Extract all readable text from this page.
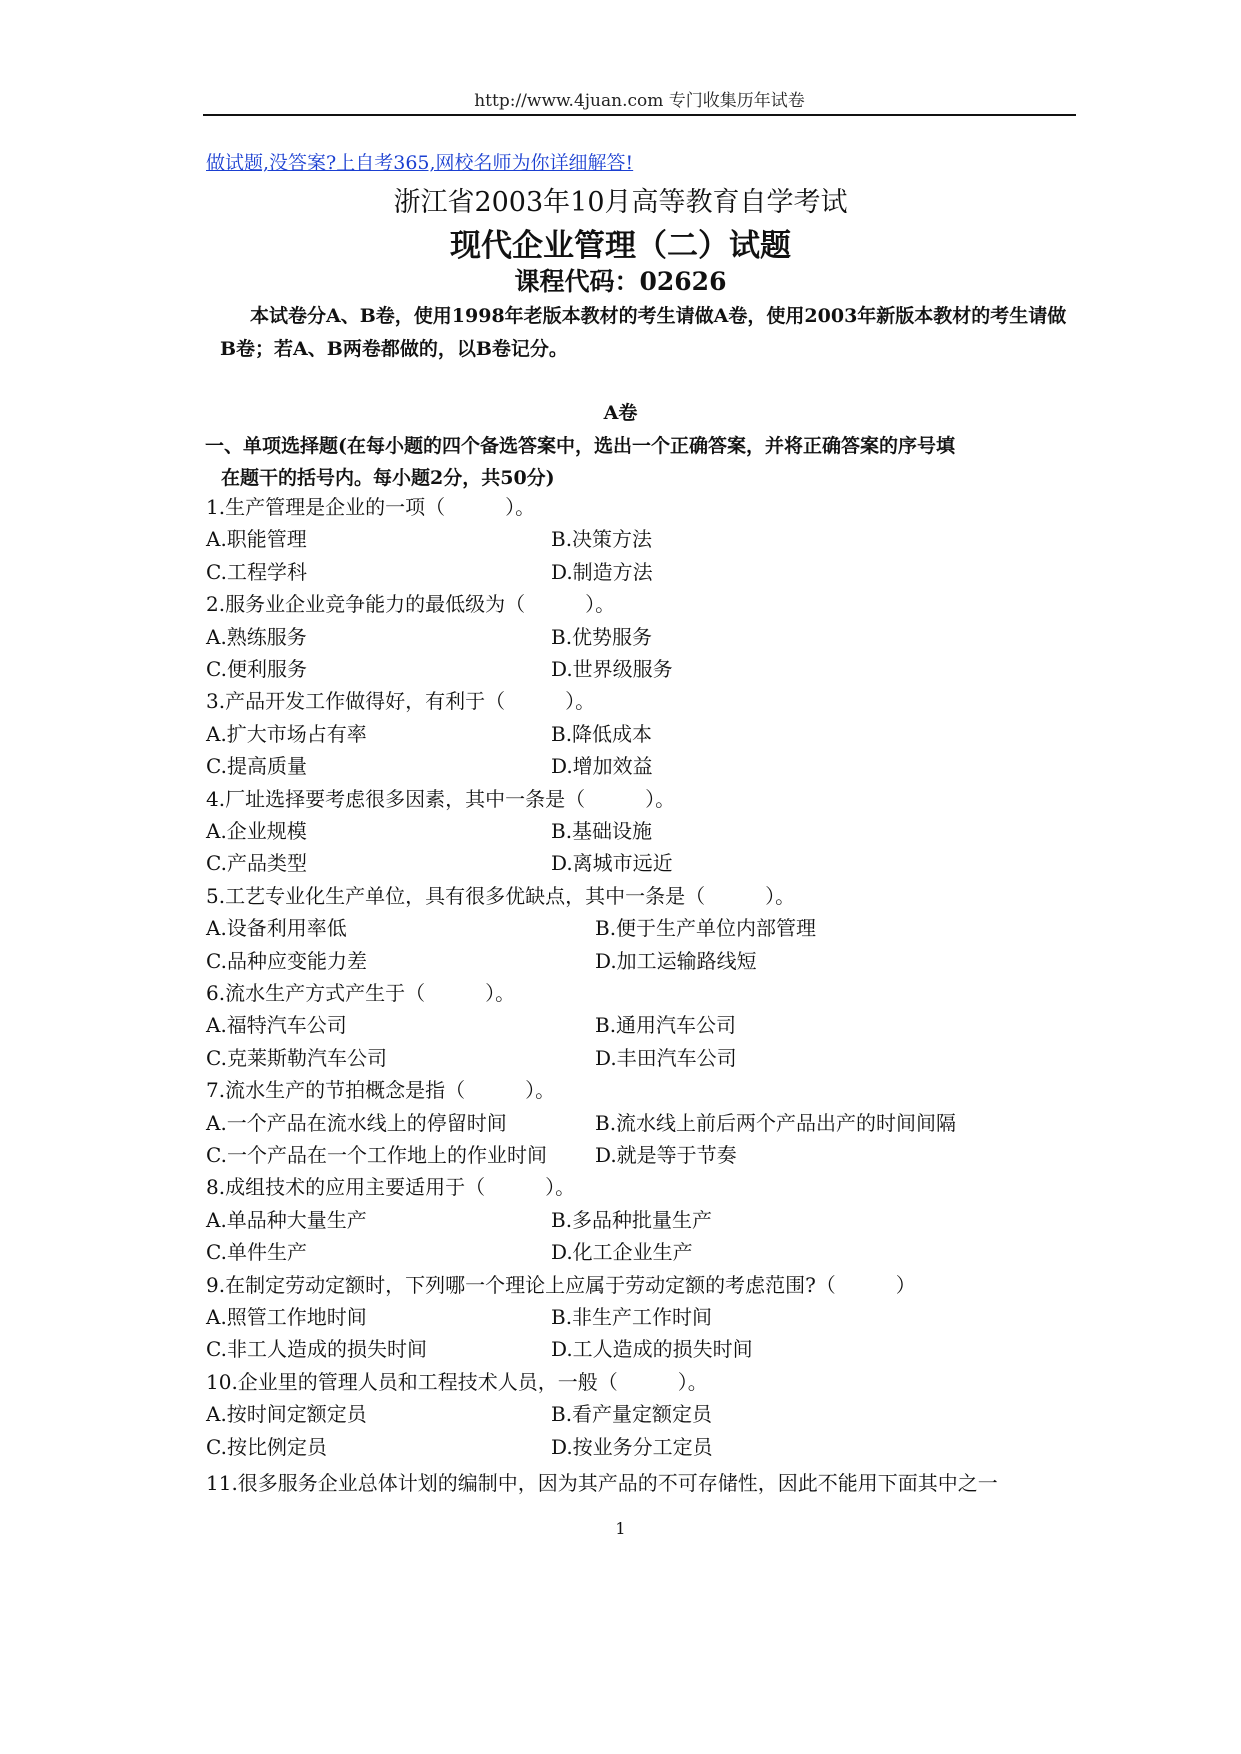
http://www.4juan.com 专门收集历年试卷
做试题,没答案?上自考365,网校名师为你详细解答!
浙江省2003年10月高等教育自学考试
现代企业管理（二）试题
课程代码：02626
本试卷分A、B卷，使用1998年老版本教材的考生请做A卷，使用2003年新版本教材的考生请做B卷；若A、B两卷都做的，以B卷记分。
A卷
一、单项选择题(在每小题的四个备选答案中，选出一个正确答案，并将正确答案的序号填
在题干的括号内。每小题2分，共50分)
1.生产管理是企业的一项（　　　）。
A.职能管理	B.决策方法
C.工程学科	D.制造方法
2.服务业企业竞争能力的最低级为（　　　）。
A.熟练服务	B.优势服务
C.便利服务	D.世界级服务
3.产品开发工作做得好，有利于（　　　）。
A.扩大市场占有率	B.降低成本
C.提高质量	D.增加效益
4.厂址选择要考虑很多因素，其中一条是（　　　）。
A.企业规模	B.基础设施
C.产品类型	D.离城市远近
5.工艺专业化生产单位，具有很多优缺点，其中一条是（　　　）。
A.设备利用率低	B.便于生产单位内部管理
C.品种应变能力差	D.加工运输路线短
6.流水生产方式产生于（　　　）。
A.福特汽车公司	B.通用汽车公司
C.克莱斯勒汽车公司	D.丰田汽车公司
7.流水生产的节拍概念是指（　　　）。
A.一个产品在流水线上的停留时间	B.流水线上前后两个产品出产的时间间隔
C.一个产品在一个工作地上的作业时间 D.就是等于节奏
8.成组技术的应用主要适用于（　　　）。
A.单品种大量生产	B.多品种批量生产
C.单件生产	D.化工企业生产
9.在制定劳动定额时，下列哪一个理论上应属于劳动定额的考虑范围?（　　　）
A.照管工作地时间	B.非生产工作时间
C.非工人造成的损失时间	D.工人造成的损失时间
10.企业里的管理人员和工程技术人员，一般（　　　）。
A.按时间定额定员	B.看产量定额定员
C.按比例定员	D.按业务分工定员
11.很多服务企业总体计划的编制中，因为其产品的不可存储性，因此不能用下面其中之一
1
